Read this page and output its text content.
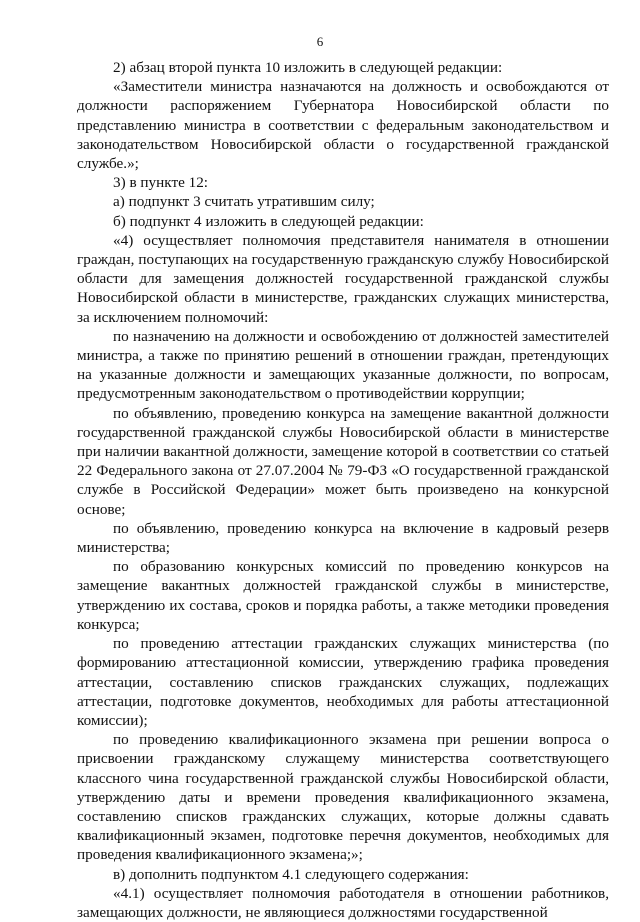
6

2) абзац второй пункта 10 изложить в следующей редакции:

«Заместители министра назначаются на должность и освобождаются от должности распоряжением Губернатора Новосибирской области по представлению министра в соответствии с федеральным законодательством и законодательством Новосибирской области о государственной гражданской службе.»;

3) в пункте 12:

а) подпункт 3 считать утратившим силу;

б) подпункт 4 изложить в следующей редакции:

«4) осуществляет полномочия представителя нанимателя в отношении граждан, поступающих на государственную гражданскую службу Новосибирской области для замещения должностей государственной гражданской службы Новосибирской области в министерстве, гражданских служащих министерства, за исключением полномочий:

по назначению на должности и освобождению от должностей заместителей министра, а также по принятию решений в отношении граждан, претендующих на указанные должности и замещающих указанные должности, по вопросам, предусмотренным законодательством о противодействии коррупции;

по объявлению, проведению конкурса на замещение вакантной должности государственной гражданской службы Новосибирской области в министерстве при наличии вакантной должности, замещение которой в соответствии со статьей 22 Федерального закона от 27.07.2004 № 79-ФЗ «О государственной гражданской службе в Российской Федерации» может быть произведено на конкурсной основе;

по объявлению, проведению конкурса на включение в кадровый резерв министерства;

по образованию конкурсных комиссий по проведению конкурсов на замещение вакантных должностей гражданской службы в министерстве, утверждению их состава, сроков и порядка работы, а также методики проведения конкурса;

по проведению аттестации гражданских служащих министерства (по формированию аттестационной комиссии, утверждению графика проведения аттестации, составлению списков гражданских служащих, подлежащих аттестации, подготовке документов, необходимых для работы аттестационной комиссии);

по проведению квалификационного экзамена при решении вопроса о присвоении гражданскому служащему министерства соответствующего классного чина государственной гражданской службы Новосибирской области, утверждению даты и времени проведения квалификационного экзамена, составлению списков гражданских служащих, которые должны сдавать квалификационный экзамен, подготовке перечня документов, необходимых для проведения квалификационного экзамена;»;

в) дополнить подпунктом 4.1 следующего содержания:

«4.1) осуществляет полномочия работодателя в отношении работников, замещающих должности, не являющиеся должностями государственной
